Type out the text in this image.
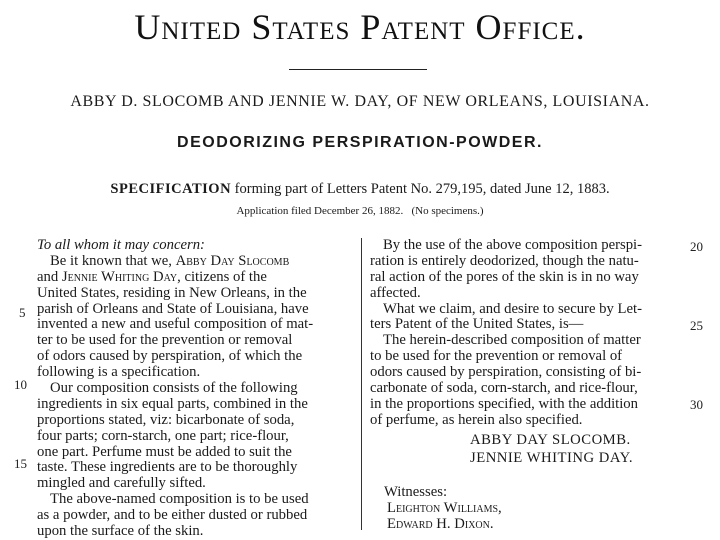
United States Patent Office.
ABBY D. SLOCOMB AND JENNIE W. DAY, OF NEW ORLEANS, LOUISIANA.
DEODORIZING PERSPIRATION-POWDER.
SPECIFICATION forming part of Letters Patent No. 279,195, dated June 12, 1883.
Application filed December 26, 1882.   (No specimens.)
To all whom it may concern:
Be it known that we, Abby Day Slocomb
and Jennie Whiting Day, citizens of the
United States, residing in New Orleans, in the
parish of Orleans and State of Louisiana, have
invented a new and useful composition of mat-
ter to be used for the prevention or removal
of odors caused by perspiration, of which the
following is a specification.
Our composition consists of the following
ingredients in six equal parts, combined in the
proportions stated, viz: bicarbonate of soda,
four parts; corn-starch, one part; rice-flour,
one part. Perfume must be added to suit the
taste. These ingredients are to be thoroughly
mingled and carefully sifted.
The above-named composition is to be used
as a powder, and to be either dusted or rubbed
upon the surface of the skin.
By the use of the above composition perspi-
ration is entirely deodorized, though the natu-
ral action of the pores of the skin is in no way
affected.
What we claim, and desire to secure by Let-
ters Patent of the United States, is—
The herein-described composition of matter
to be used for the prevention or removal of
odors caused by perspiration, consisting of bi-
carbonate of soda, corn-starch, and rice-flour,
in the proportions specified, with the addition
of perfume, as herein also specified.
ABBY DAY SLOCOMB.
JENNIE WHITING DAY.
Witnesses:
Leighton Williams,
Edward H. Dixon.
5
10
15
20
25
30
